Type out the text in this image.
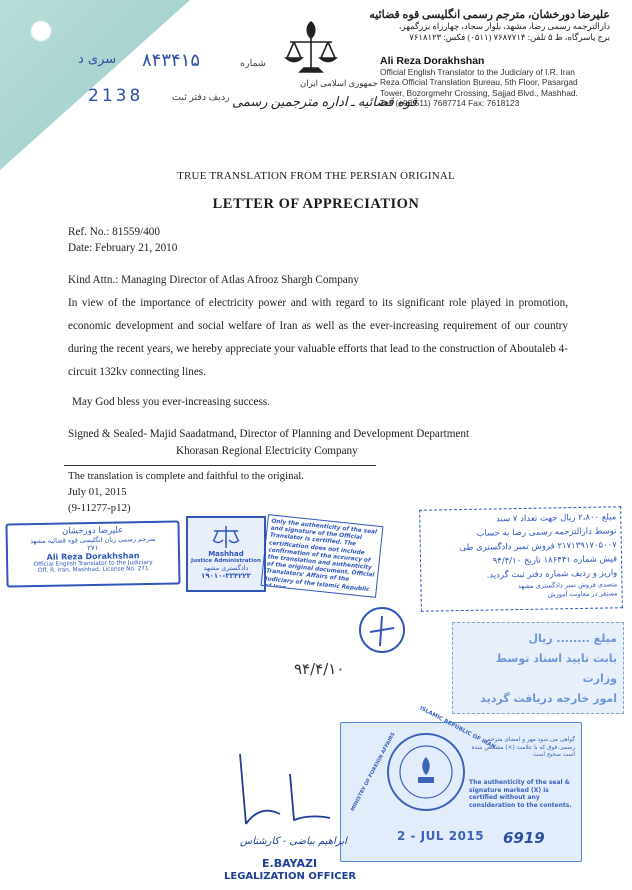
علیرضا دورخشان، مترجم رسمی انگلیسی قوه قضائیه
دارالترجمه رسمی رضا، مشهد، بلوار سجاد، چهارراه بزرگمهر،
برج یاسرگاه، ط ۵ تلفن: ۷۶۸۷۷۱۴ (۰۵۱۱) فکس: ۷۶۱۸۱۲۳
Ali Reza Dorakhshan
Official English Translator to the Judiciary of I.R. Iran
Reza Official Translation Bureau, 5th Floor, Pasargad
Tower, Bozorgmehr Crossing, Sajjad Blvd., Mashhad.
Tel: (+98 511) 7687714 Fax: 7618123
جمهوری اسلامی ایران
قوه قضائیه ـ اداره مترجمین رسمی
شماره
۸۴۳۴۱۵
سری د
2138	ردیف دفتر ثبت
TRUE TRANSLATION FROM THE PERSIAN ORIGINAL
LETTER OF APPRECIATION
Ref. No.: 81559/400
Date: February 21, 2010
Kind Attn.: Managing Director of Atlas Afrooz Shargh Company
In view of the importance of electricity power and with regard to its significant role played in promotion, economic development and social welfare of Iran as well as the ever-increasing requirement of our country during the recent years, we hereby appreciate your valuable efforts that lead to the construction of Aboutaleb 4-circuit 132kv connecting lines.
May God bless you ever-increasing success.
Signed & Sealed- Majid Saadatmand, Director of Planning and Development Department
Khorasan Regional Electricity Company
The translation is complete and faithful to the original.
July 01, 2015
(9-11277-p12)
علیرضا دورخشان
مترجم رسمی زبان انگلیسی قوه قضائیه مشهد
۲۷۱
Ali Reza Dorakhshan
Official English Translator to the Judiciary
Off. R. Iran, Mashhad, License No. 271
Mashhad
Justice Administration
دادگستری مشهد
۱۹۰۱۰-۳۳۴۲۲۳
Only the authenticity of the seal and signature of the Official Translator is certified. The certification does not include confirmation of the accuracy of the translation and authenticity of the original document. Official Translators' Affairs of the Judiciary of the Islamic Republic of Iran
مبلغ ۲،۸۰۰ ریال جهت تعداد ۷ سند
توسط دارالترجمه رسمی رضا به حساب
۲۱۷۱۳۹۱۷۰۵۰۰۷ فروش تمبر دادگستری طی
فیش شماره ۱۸۶۴۴۱ تاریخ ۹۴/۴/۱۰
واریز و ردیف شماره دفتر ثبت گردید.
متصدی فروش تمبر دادگستری مشهد
مستقر در معاونت آموزش
۹۴/۴/۱۰
مبلغ ........ ریال
بابت تایید اسناد توسط وزارت
امور خارجه دریافت گردید
ISLAMIC REPUBLIC OF IRAN
MINISTRY OF FOREIGN AFFAIRS	گواهی می شود مهر و امضای مترجم رسمی فوق که با علامت (×) مشخص شده است صحیح است
The authenticity of the seal & signature marked (X) is certified without any consideration to the contents.
2 - JUL 2015 6919
ابراهیم بیاضی - کارشناس
E.BAYAZI
LEGALIZATION OFFICER
